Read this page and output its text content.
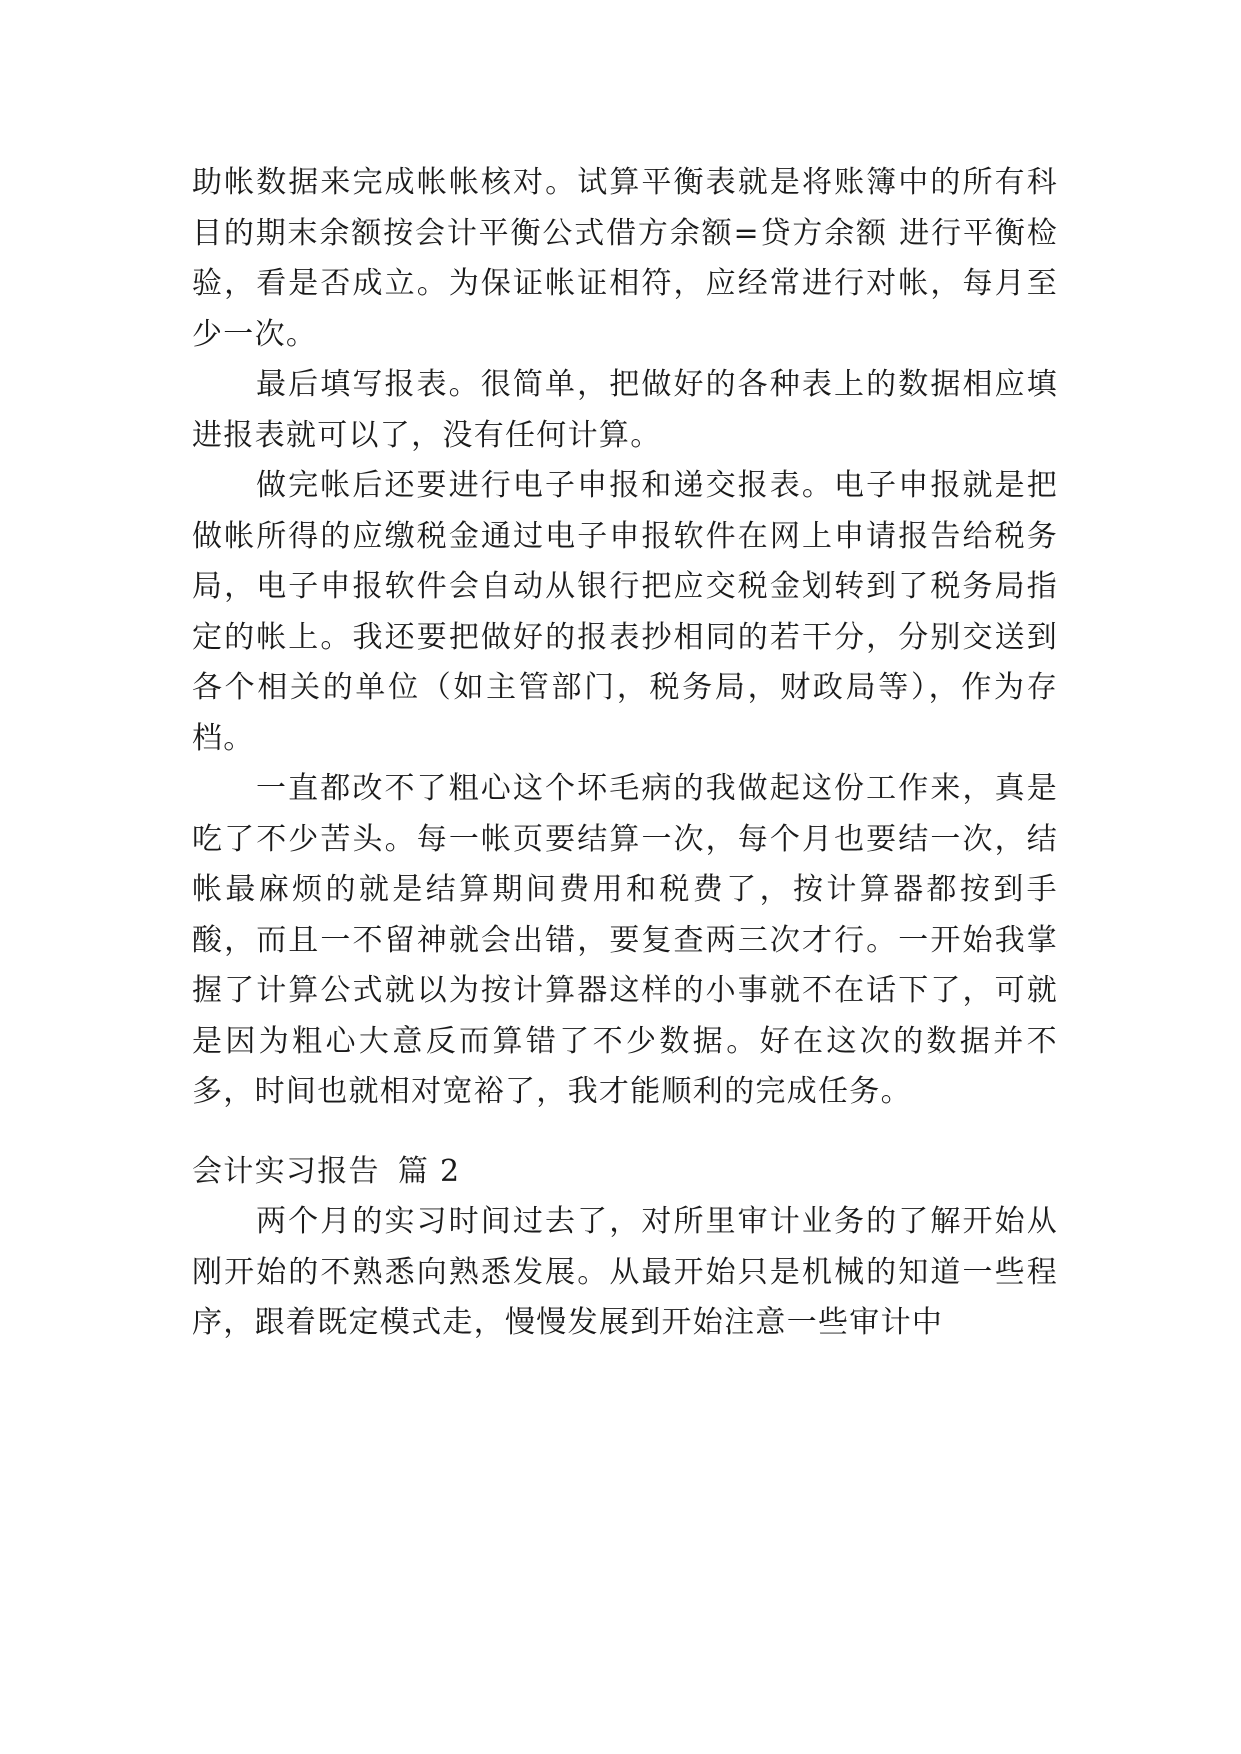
助帐数据来完成帐帐核对。试算平衡表就是将账簿中的所有科目的期末余额按会计平衡公式借方余额=贷方余额 进行平衡检验，看是否成立。为保证帐证相符，应经常进行对帐，每月至少一次。

最后填写报表。很简单，把做好的各种表上的数据相应填进报表就可以了，没有任何计算。

做完帐后还要进行电子申报和递交报表。电子申报就是把做帐所得的应缴税金通过电子申报软件在网上申请报告给税务局，电子申报软件会自动从银行把应交税金划转到了税务局指定的帐上。我还要把做好的报表抄相同的若干分，分别交送到各个相关的单位（如主管部门，税务局，财政局等），作为存档。

一直都改不了粗心这个坏毛病的我做起这份工作来，真是吃了不少苦头。每一帐页要结算一次，每个月也要结一次，结帐最麻烦的就是结算期间费用和税费了，按计算器都按到手酸，而且一不留神就会出错，要复查两三次才行。一开始我掌握了计算公式就以为按计算器这样的小事就不在话下了，可就是因为粗心大意反而算错了不少数据。好在这次的数据并不多，时间也就相对宽裕了，我才能顺利的完成任务。

会计实习报告 篇 2

两个月的实习时间过去了，对所里审计业务的了解开始从刚开始的不熟悉向熟悉发展。从最开始只是机械的知道一些程序，跟着既定模式走，慢慢发展到开始注意一些审计中
